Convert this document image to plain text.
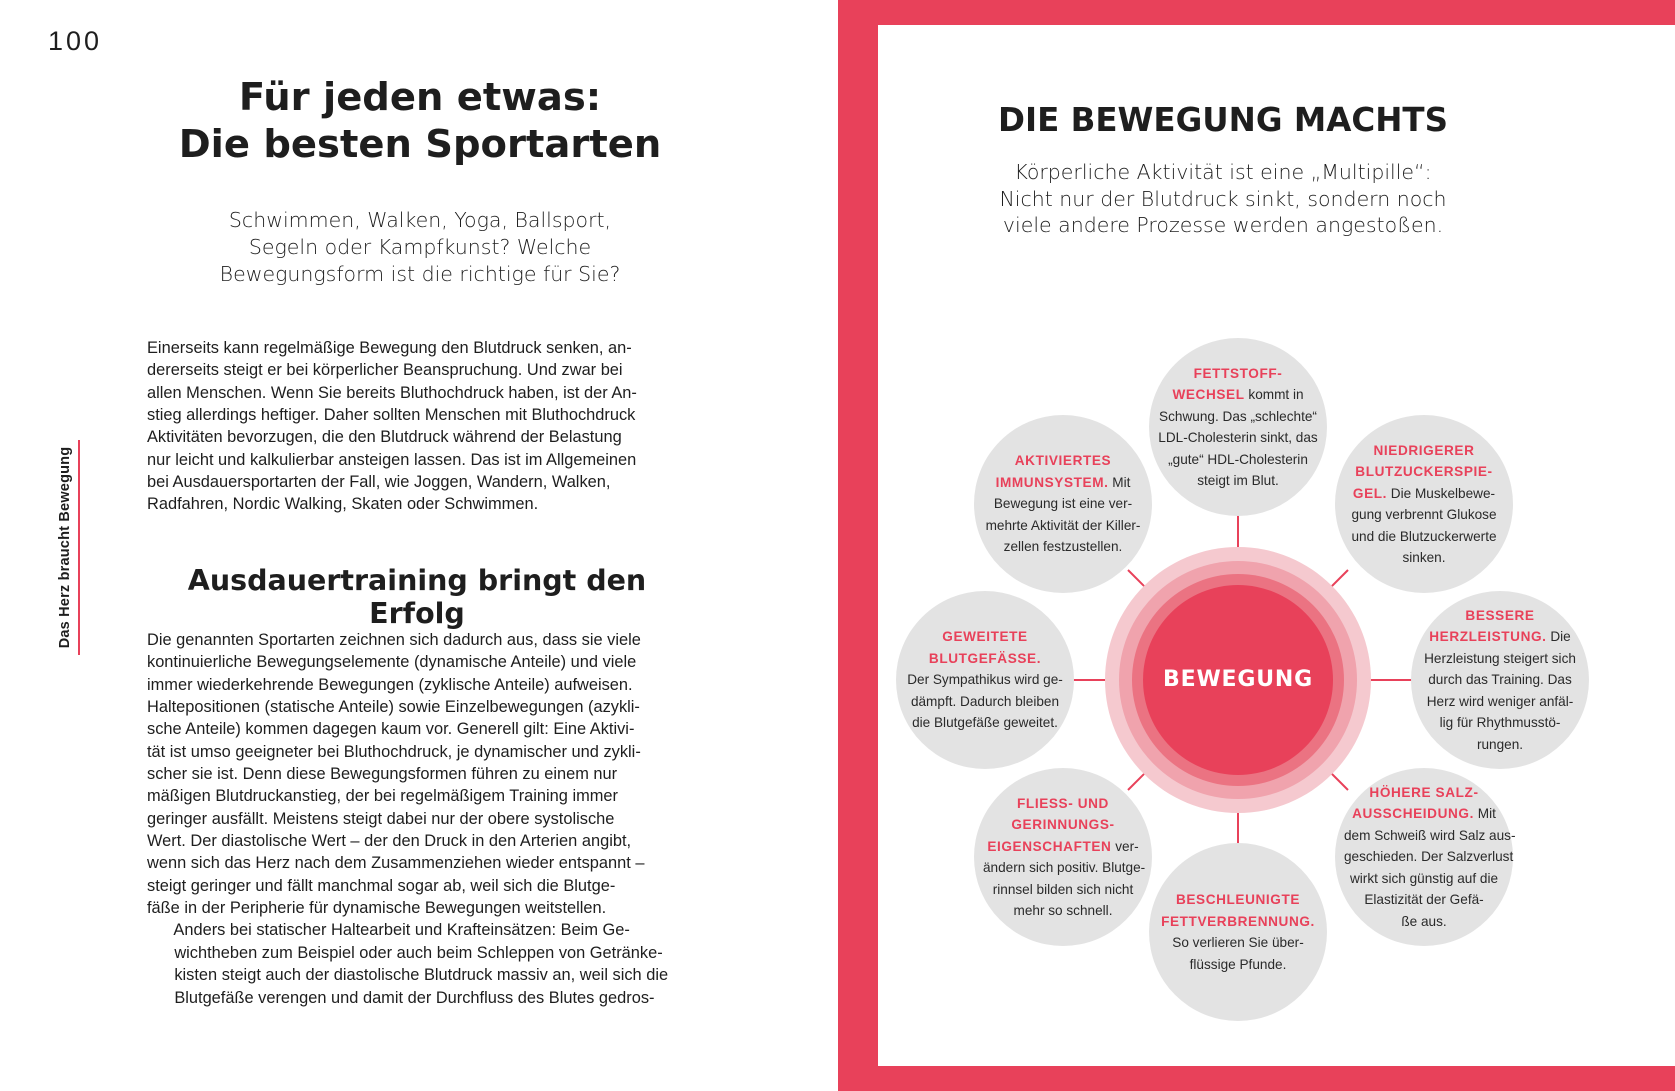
100
Das Herz braucht Bewegung
Für jeden etwas:
Die besten Sportarten
Schwimmen, Walken, Yoga, Ballsport,
Segeln oder Kampfkunst? Welche
Bewegungsform ist die richtige für Sie?
Einerseits kann regelmäßige Bewegung den Blutdruck senken, an-
dererseits steigt er bei körperlicher Beanspruchung. Und zwar bei
allen Menschen. Wenn Sie bereits Bluthochdruck haben, ist der An-
stieg allerdings heftiger. Daher sollten Menschen mit Bluthochdruck
Aktivitäten bevorzugen, die den Blutdruck während der Belastung
nur leicht und kalkulierbar ansteigen lassen. Das ist im Allgemeinen
bei Ausdauersportarten der Fall, wie Joggen, Wandern, Walken,
Radfahren, Nordic Walking, Skaten oder Schwimmen.
Ausdauertraining bringt den Erfolg
Die genannten Sportarten zeichnen sich dadurch aus, dass sie viele
kontinuierliche Bewegungselemente (dynamische Anteile) und viele
immer wiederkehrende Bewegungen (zyklische Anteile) aufweisen.
Haltepositionen (statische Anteile) sowie Einzelbewegungen (azykli-
sche Anteile) kommen dagegen kaum vor. Generell gilt: Eine Aktivi-
tät ist umso geeigneter bei Bluthochdruck, je dynamischer und zykli-
scher sie ist. Denn diese Bewegungsformen führen zu einem nur
mäßigen Blutdruckanstieg, der bei regelmäßigem Training immer
geringer ausfällt. Meistens steigt dabei nur der obere systolische
Wert. Der diastolische Wert – der den Druck in den Arterien angibt,
wenn sich das Herz nach dem Zusammenziehen wieder entspannt –
steigt geringer und fällt manchmal sogar ab, weil sich die Blutge-
fäße in der Peripherie für dynamische Bewegungen weitstellen.
Anders bei statischer Haltearbeit und Krafteinsätzen: Beim Ge-
wichtheben zum Beispiel oder auch beim Schleppen von Getränke-
kisten steigt auch der diastolische Blutdruck massiv an, weil sich die
Blutgefäße verengen und damit der Durchfluss des Blutes gedros-
DIE BEWEGUNG MACHTS
Körperliche Aktivität ist eine „Multipille“:
Nicht nur der Blutdruck sinkt, sondern noch
viele andere Prozesse werden angestoßen.
BEWEGUNG
FETTSTOFF-
WECHSEL kommt in
Schwung. Das „schlechte“
LDL-Cholesterin sinkt, das
„gute“ HDL-Cholesterin
steigt im Blut.
NIEDRIGERER
BLUTZUCKERSPIE-
GEL. Die Muskelbewe-
gung verbrennt Glukose
und die Blutzuckerwerte
sinken.
BESSERE
HERZLEISTUNG. Die
Herzleistung steigert sich
durch das Training. Das
Herz wird weniger anfäl-
lig für Rhythmusstö-
rungen.
HÖHERE SALZ-
AUSSCHEIDUNG. Mit
dem Schweiß wird Salz aus-
geschieden. Der Salzverlust
wirkt sich günstig auf die
Elastizität der Gefä-
ße aus.
BESCHLEUNIGTE
FETTVERBRENNUNG.
So verlieren Sie über-
flüssige Pfunde.
FLIESS- UND
GERINNUNGS-
EIGENSCHAFTEN ver-
ändern sich positiv. Blutge-
rinnsel bilden sich nicht
mehr so schnell.
GEWEITETE
BLUTGEFÄSSE.
Der Sympathikus wird ge-
dämpft. Dadurch bleiben
die Blutgefäße geweitet.
AKTIVIERTES
IMMUNSYSTEM. Mit
Bewegung ist eine ver-
mehrte Aktivität der Killer-
zellen festzustellen.
